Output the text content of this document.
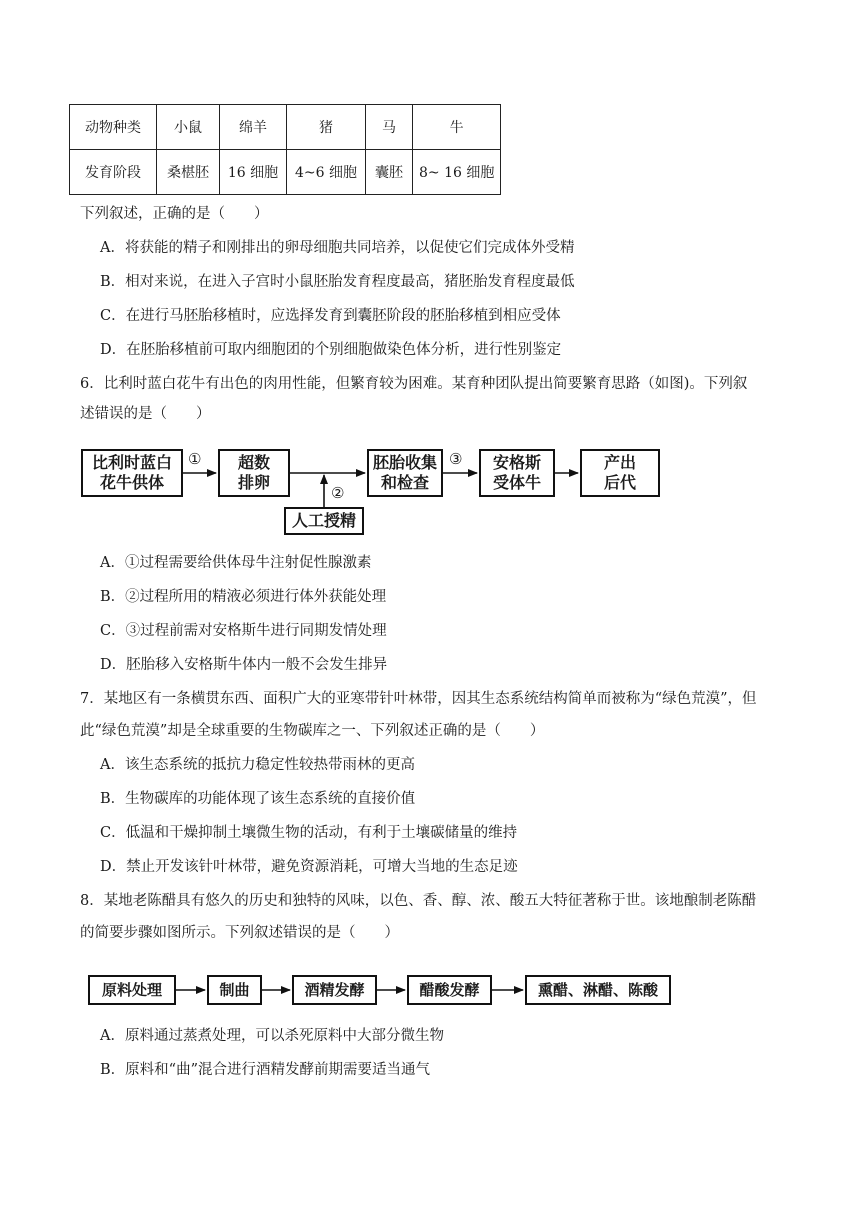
动物种类	小鼠	绵羊	猪	马	牛
发育阶段	桑椹胚	16 细胞	4~6 细胞	囊胚	8~ 16 细胞
下列叙述，正确的是（　　）
A．将获能的精子和刚排出的卵母细胞共同培养，以促使它们完成体外受精
B．相对来说，在进入子宫时小鼠胚胎发育程度最高，猪胚胎发育程度最低
C．在进行马胚胎移植时，应选择发育到囊胚阶段的胚胎移植到相应受体
D．在胚胎移植前可取内细胞团的个别细胞做染色体分析，进行性别鉴定
6．比利时蓝白花牛有出色的肉用性能，但繁育较为困难。某育种团队提出简要繁育思路（如图)。下列叙
述错误的是（　　）
比利时蓝白
花牛供体
超数
排卵
胚胎收集
和检查
安格斯
受体牛
产出
后代
人工授精
①
②
③
A．①过程需要给供体母牛注射促性腺激素
B．②过程所用的精液必须进行体外获能处理
C．③过程前需对安格斯牛进行同期发情处理
D．胚胎移入安格斯牛体内一般不会发生排异
7．某地区有一条横贯东西、面积广大的亚寒带针叶林带，因其生态系统结构简单而被称为“绿色荒漠”，但
此“绿色荒漠”却是全球重要的生物碳库之一、下列叙述正确的是（　　）
A．该生态系统的抵抗力稳定性较热带雨林的更高
B．生物碳库的功能体现了该生态系统的直接价值
C．低温和干燥抑制土壤微生物的活动，有利于土壤碳储量的维持
D．禁止开发该针叶林带，避免资源消耗，可增大当地的生态足迹
8．某地老陈醋具有悠久的历史和独特的风味，以色、香、醇、浓、酸五大特征著称于世。该地酿制老陈醋
的简要步骤如图所示。下列叙述错误的是（　　）
原料处理	制曲	酒精发酵	醋酸发酵	熏醋、淋醋、陈酸
A．原料通过蒸煮处理，可以杀死原料中大部分微生物
B．原料和“曲”混合进行酒精发酵前期需要适当通气
